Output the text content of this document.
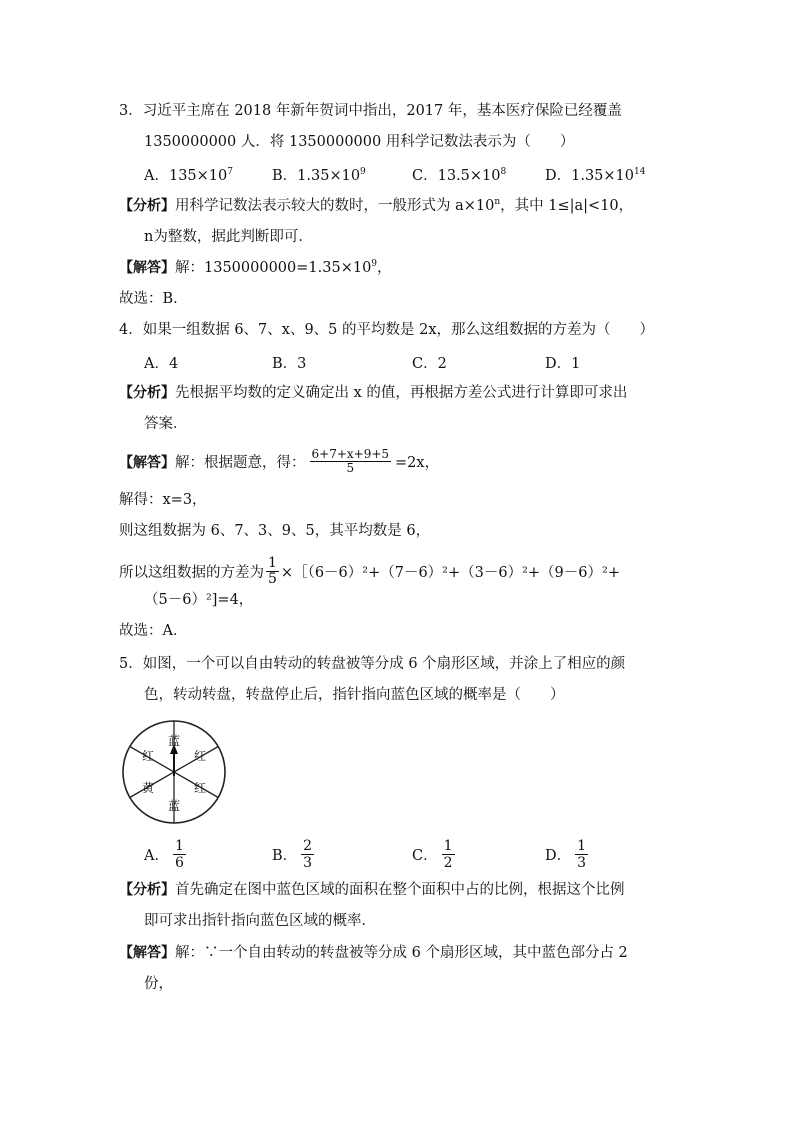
3．习近平主席在 2018 年新年贺词中指出，2017 年，基本医疗保险已经覆盖
1350000000 人．将 1350000000 用科学记数法表示为（　　）
A．$135\times 10^7$	B．$1.35\times 10^9$	C．$13.5\times 10^8$	D．$1.35\times 10^{14}$
【分析】用科学记数法表示较大的数时，一般形式为 $a\times 10^n$，其中 1≤|a|<10，
n为整数，据此判断即可．
【解答】解：$1350000000=1.35\times 10^9$，
故选：B．
4．如果一组数据 6、7、x、9、5 的平均数是 2x，那么这组数据的方差为（　　）
A．4	B．3	C．2	D．1
【分析】先根据平均数的定义确定出 x 的值，再根据方差公式进行计算即可求出
答案．
【解答】 解：根据题意，得： $\frac{6+7+x+9+5}{5} =2x$，
解得：x=3，
则这组数据为 6、7、3、9、5，其平均数是 6，
所以这组数据的方差为 $\frac{1}{5}$ ×［（6－6）²+（7－6）²+（3－6）²+（9－6）²+
（5－6）²]=4，
故选：A．
5．如图，一个可以自由转动的转盘被等分成 6 个扇形区域，并涂上了相应的颜
色，转动转盘，转盘停止后，指针指向蓝色区域的概率是（　　）
蓝
红
红
蓝
黄
红
A． $\frac{1}{6}$	B． $\frac{2}{3}$	C． $\frac{1}{2}$	D． $\frac{1}{3}$
【分析】首先确定在图中蓝色区域的面积在整个面积中占的比例，根据这个比例
即可求出指针指向蓝色区域的概率．
【解答】解：∵一个自由转动的转盘被等分成 6 个扇形区域，其中蓝色部分占 2
份，
